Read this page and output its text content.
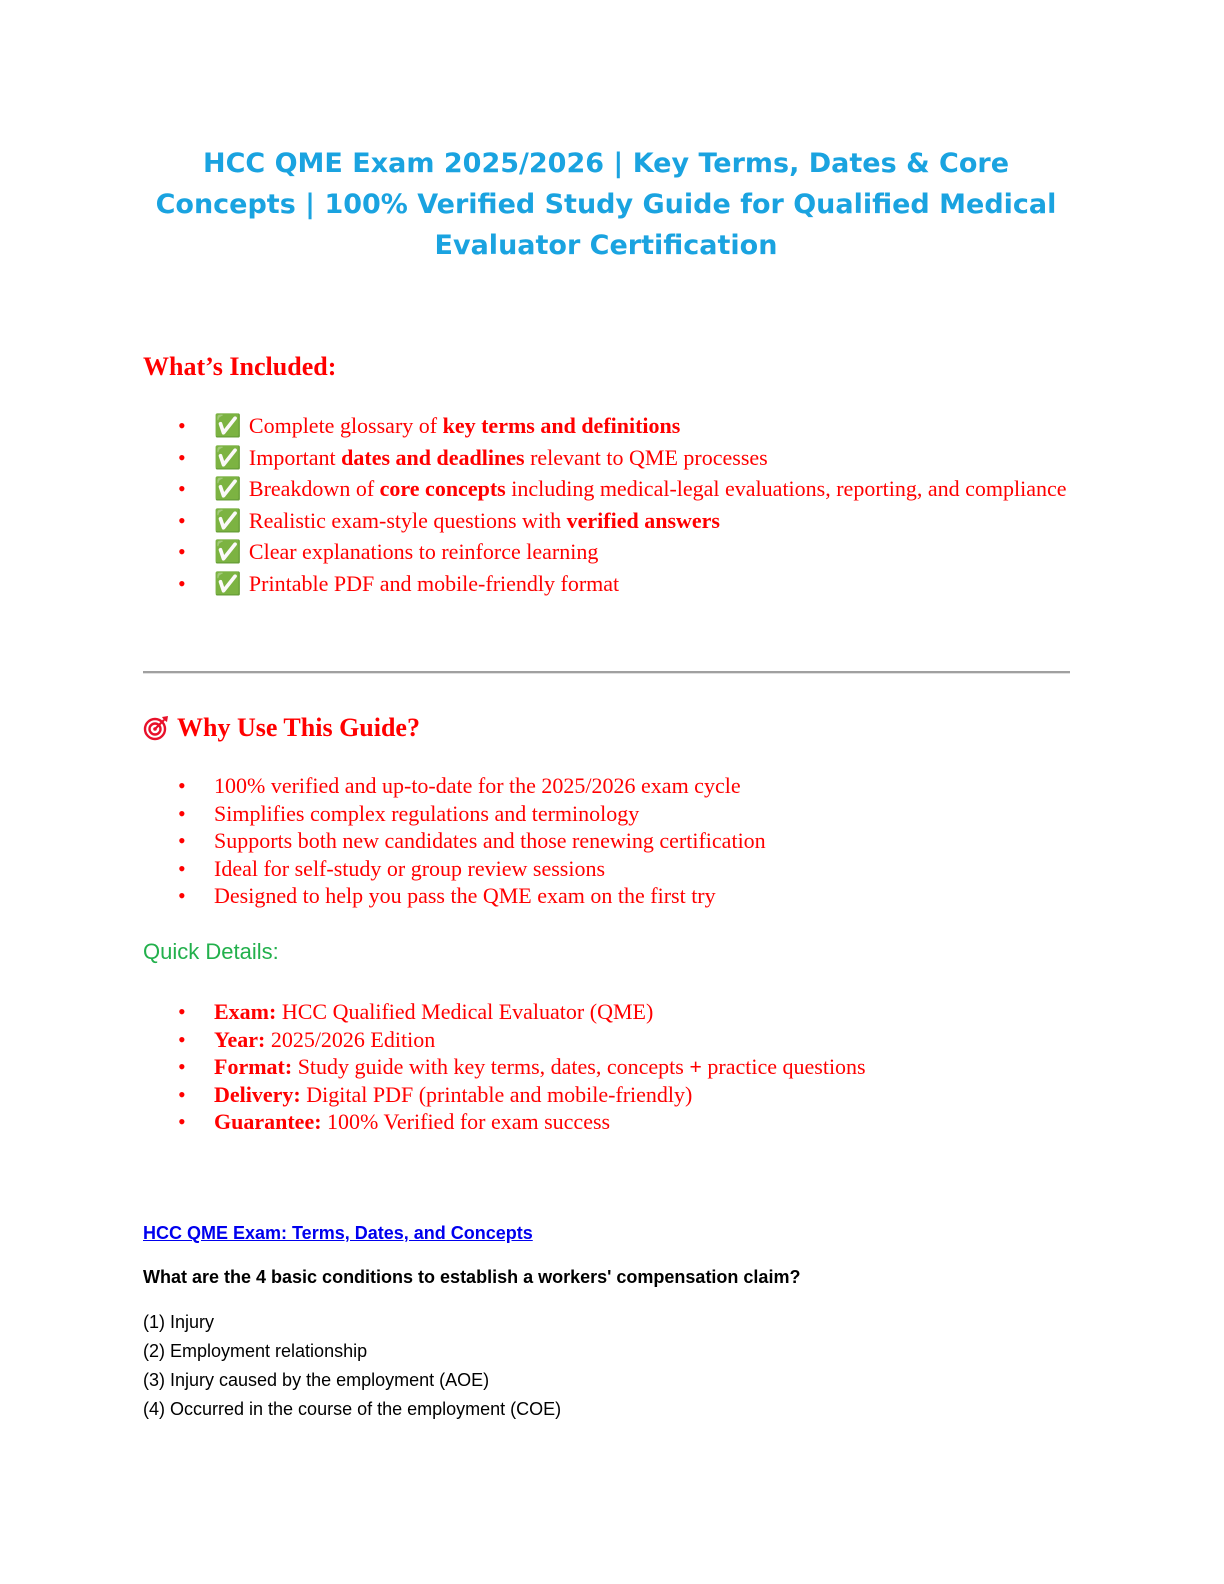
HCC QME Exam 2025/2026 | Key Terms, Dates & Core Concepts | 100% Verified Study Guide for Qualified Medical Evaluator Certification
What’s Included:
• ✅ Complete glossary of key terms and definitions
• ✅ Important dates and deadlines relevant to QME processes
• ✅ Breakdown of core concepts including medical-legal evaluations, reporting, and compliance
• ✅ Realistic exam-style questions with verified answers
• ✅ Clear explanations to reinforce learning
• ✅ Printable PDF and mobile-friendly format
Why Use This Guide?
• 100% verified and up-to-date for the 2025/2026 exam cycle
• Simplifies complex regulations and terminology
• Supports both new candidates and those renewing certification
• Ideal for self-study or group review sessions
• Designed to help you pass the QME exam on the first try
Quick Details:
• Exam: HCC Qualified Medical Evaluator (QME)
• Year: 2025/2026 Edition
• Format: Study guide with key terms, dates, concepts + practice questions
• Delivery: Digital PDF (printable and mobile-friendly)
• Guarantee: 100% Verified for exam success
HCC QME Exam: Terms, Dates, and Concepts

What are the 4 basic conditions to establish a workers' compensation claim?

(1) Injury
(2) Employment relationship
(3) Injury caused by the employment (AOE)
(4) Occurred in the course of the employment (COE)
